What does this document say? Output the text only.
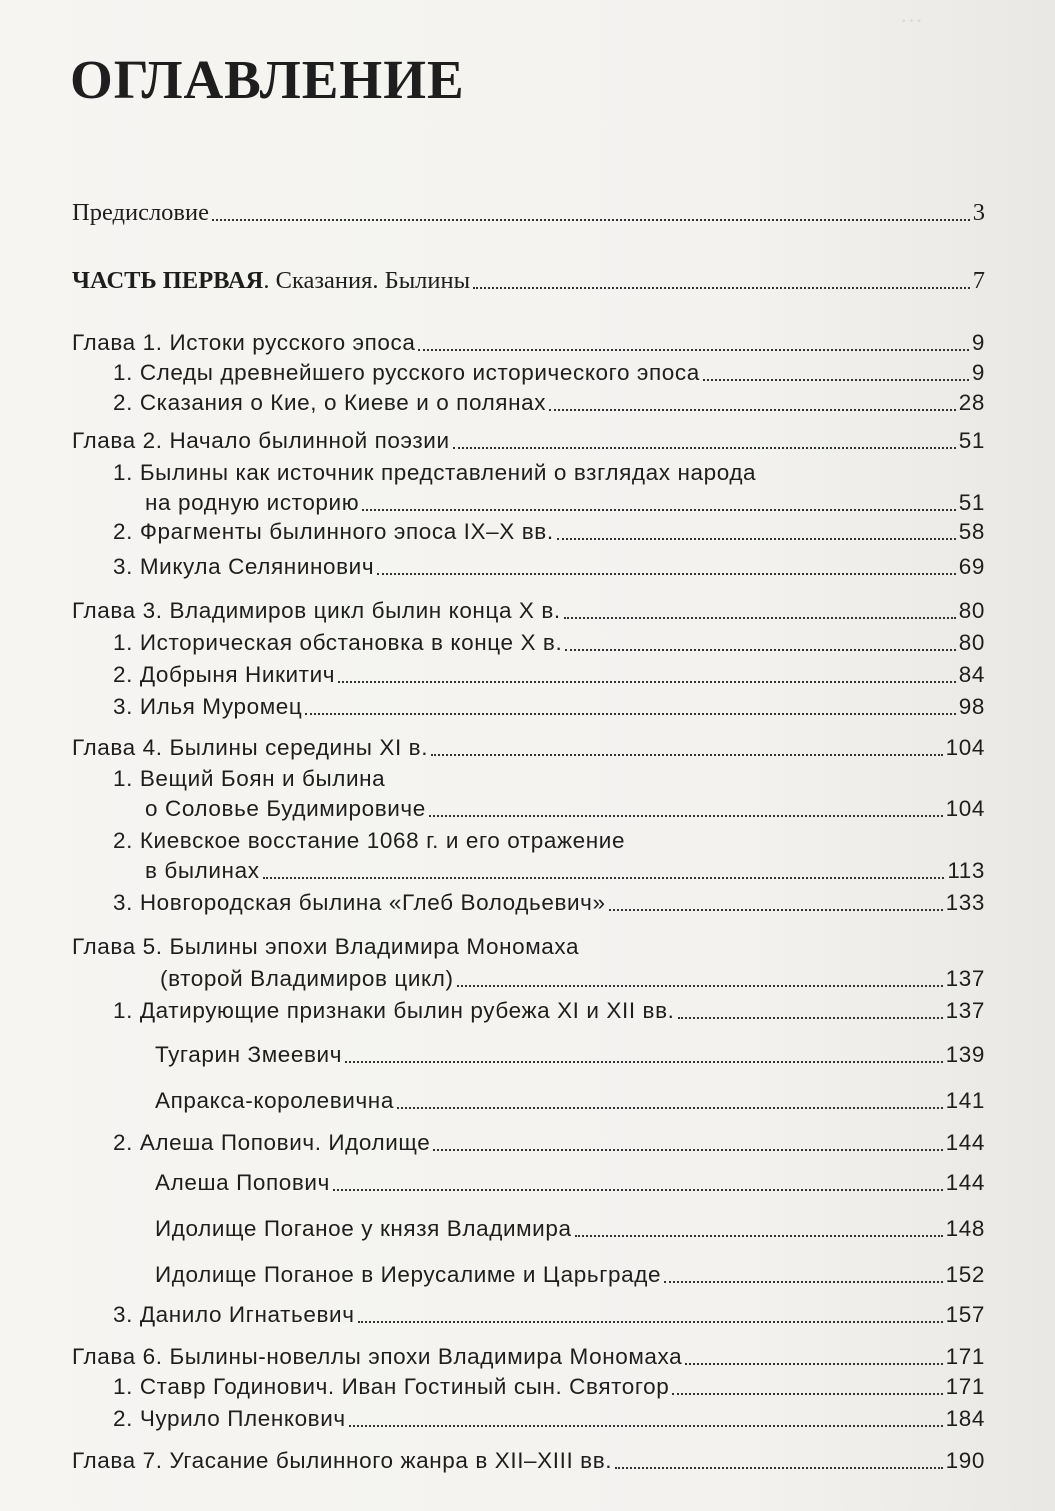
…
ОГЛАВЛЕНИЕ
Предисловие	3
ЧАСТЬ ПЕРВАЯ. Сказания. Былины	7
Глава 1. Истоки русского эпоса	9
1. Следы древнейшего русского исторического эпоса	9
2. Сказания о Кие, о Киеве и о полянах	28
Глава 2. Начало былинной поэзии	51
1. Былины как источник представлений о взглядах народа
на родную историю	51
2. Фрагменты былинного эпоса IX–X вв.	58
3. Микула Селянинович	69
Глава 3. Владимиров цикл былин конца X в.	80
1. Историческая обстановка в конце X в.	80
2. Добрыня Никитич	84
3. Илья Муромец	98
Глава 4. Былины середины XI в.	104
1. Вещий Боян и былина
о Соловье Будимировиче	104
2. Киевское восстание 1068 г. и его отражение
в былинах	113
3. Новгородская былина «Глеб Володьевич»	133
Глава 5. Былины эпохи Владимира Мономаха
(второй Владимиров цикл)	137
1. Датирующие признаки былин рубежа XI и XII вв.	137
Тугарин Змеевич	139
Апракса-королевична	141
2. Алеша Попович. Идолище	144
Алеша Попович	144
Идолище Поганое у князя Владимира	148
Идолище Поганое в Иерусалиме и Царьграде	152
3. Данило Игнатьевич	157
Глава 6. Былины-новеллы эпохи Владимира Мономаха	171
1. Ставр Годинович. Иван Гостиный сын. Святогор	171
2. Чурило Пленкович	184
Глава 7. Угасание былинного жанра в XII–XIII вв.	190
